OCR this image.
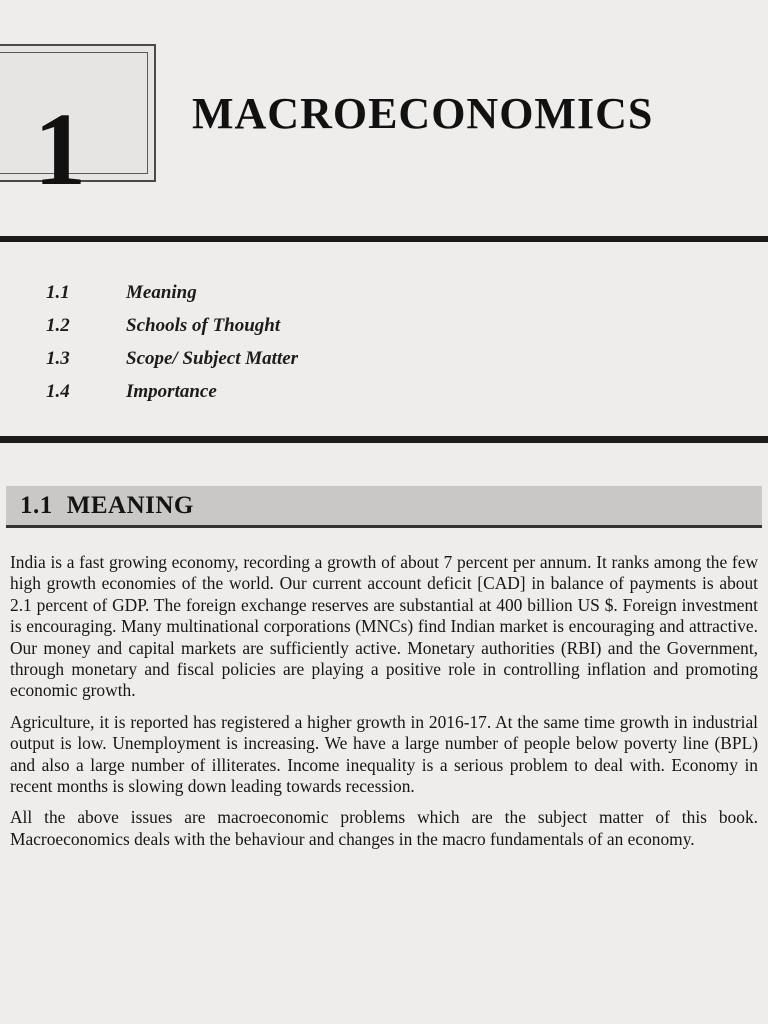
1 MACROECONOMICS
1.1	Meaning
1.2	Schools of Thought
1.3	Scope/ Subject Matter
1.4	Importance
1.1 MEANING

India is a fast growing economy, recording a growth of about 7 percent per annum. It ranks among the few high growth economies of the world. Our current account deficit [CAD] in balance of payments is about 2.1 percent of GDP. The foreign exchange reserves are substantial at 400 billion US $. Foreign investment is encouraging. Many multinational corporations (MNCs) find Indian market is encouraging and attractive. Our money and capital markets are sufficiently active. Monetary authorities (RBI) and the Government, through monetary and fiscal policies are playing a positive role in controlling inflation and promoting economic growth.

Agriculture, it is reported has registered a higher growth in 2016-17. At the same time growth in industrial output is low. Unemployment is increasing. We have a large number of people below poverty line (BPL) and also a large number of illiterates. Income inequality is a serious problem to deal with. Economy in recent months is slowing down leading towards recession.

All the above issues are macroeconomic problems which are the subject matter of this book. Macroeconomics deals with the behaviour and changes in the macro fundamentals of an economy.
